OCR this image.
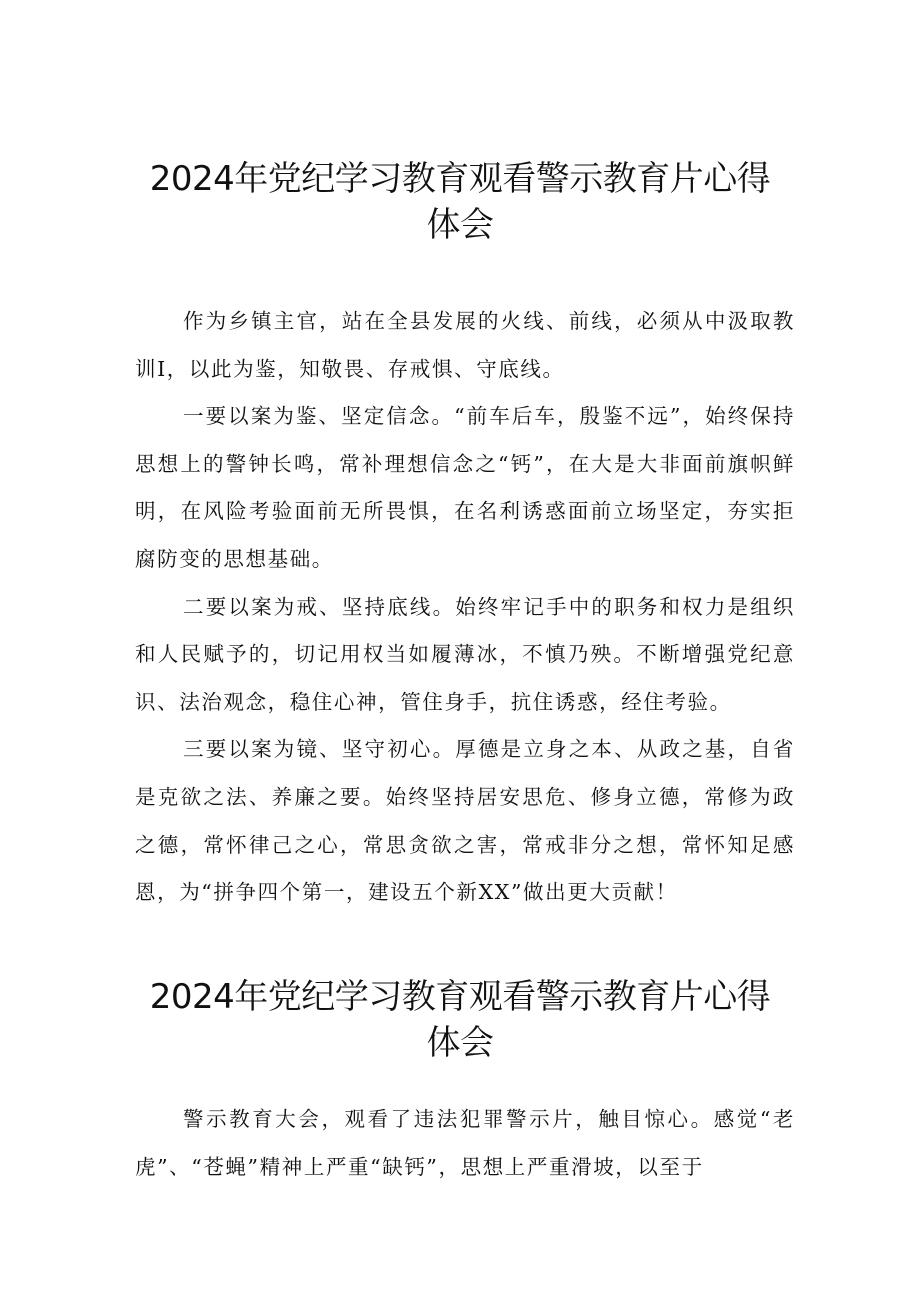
2024年党纪学习教育观看警示教育片心得
体会

作为乡镇主官，站在全县发展的火线、前线，必须从中汲取教训I，以此为鉴，知敬畏、存戒惧、守底线。

一要以案为鉴、坚定信念。“前车后车，殷鉴不远”，始终保持思想上的警钟长鸣，常补理想信念之“钙”，在大是大非面前旗帜鲜明，在风险考验面前无所畏惧，在名利诱惑面前立场坚定，夯实拒腐防变的思想基础。

二要以案为戒、坚持底线。始终牢记手中的职务和权力是组织和人民赋予的，切记用权当如履薄冰，不慎乃殃。不断增强党纪意识、法治观念，稳住心神，管住身手，抗住诱惑，经住考验。

三要以案为镜、坚守初心。厚德是立身之本、从政之基，自省是克欲之法、养廉之要。始终坚持居安思危、修身立德，常修为政之德，常怀律己之心，常思贪欲之害，常戒非分之想，常怀知足感恩，为“拼争四个第一，建设五个新XX”做出更大贡献！

2024年党纪学习教育观看警示教育片心得
体会

警示教育大会，观看了违法犯罪警示片，触目惊心。感觉“老虎”、“苍蝇”精神上严重“缺钙”，思想上严重滑坡，以至于
